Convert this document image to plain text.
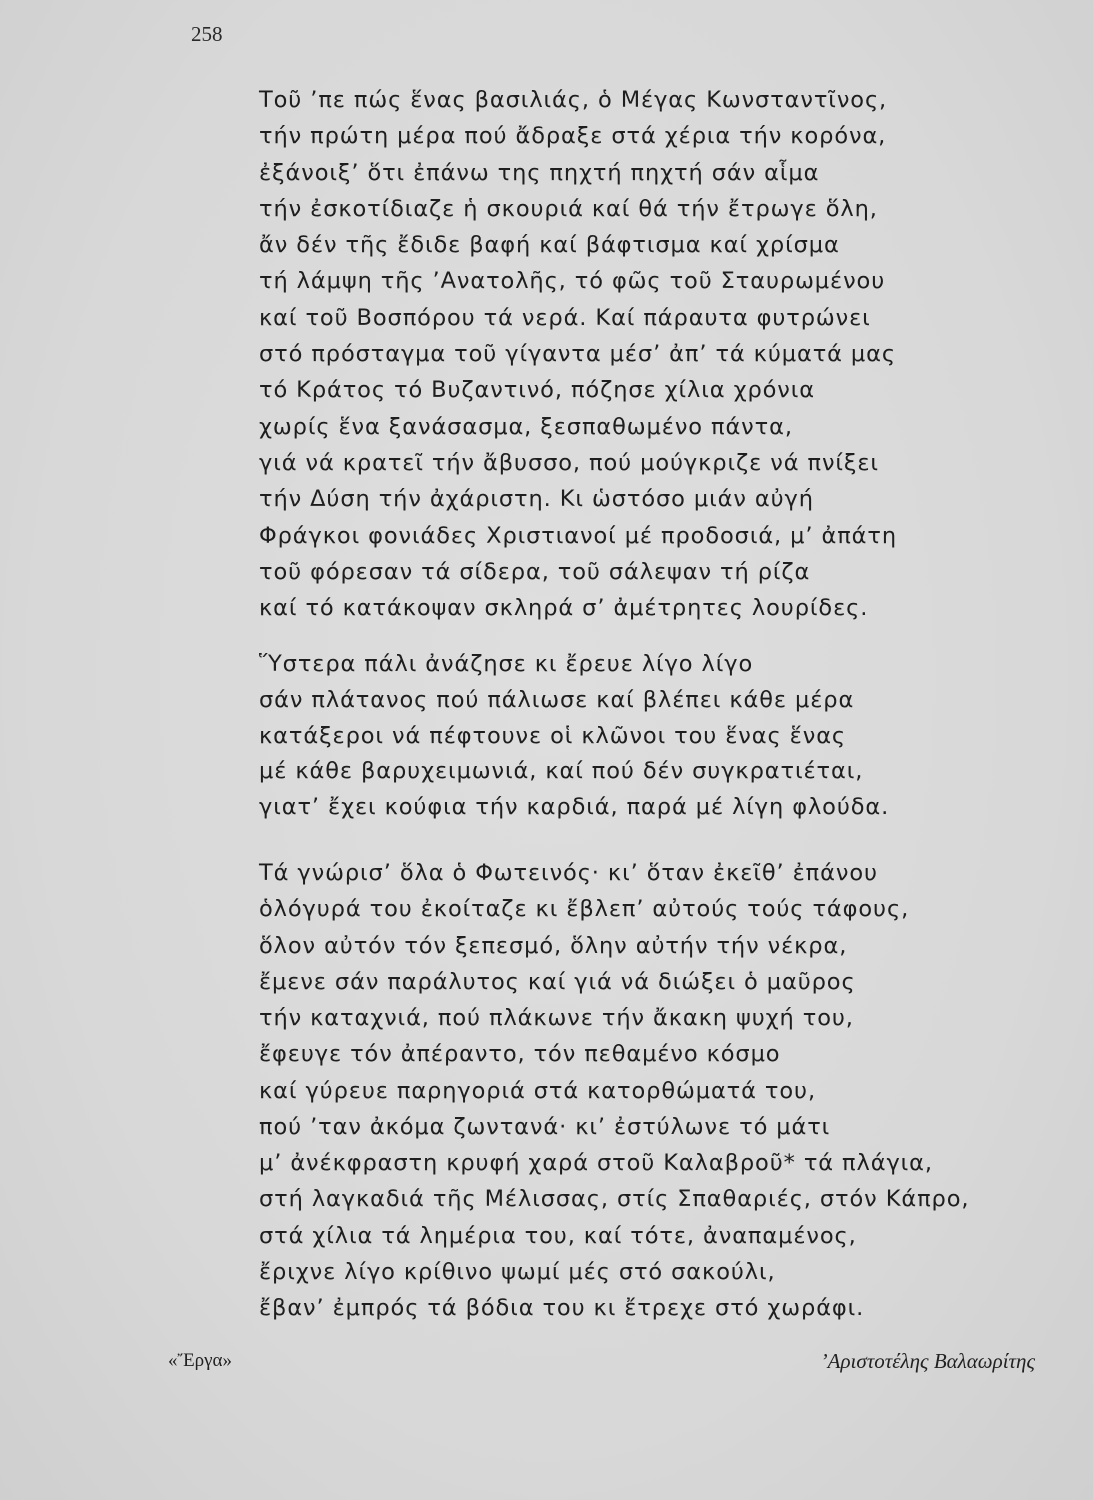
258
Τοῦ ’πε πώς ἕνας βασιλιάς, ὁ Μέγας Κωνσταντῖνος,
τήν πρώτη μέρα πού ἄδραξε στά χέρια τήν κορόνα,
ἐξάνοιξ’ ὅτι ἐπάνω της πηχτή πηχτή σάν αἷμα
τήν ἐσκοτίδιαζε ἡ σκουριά καί θά τήν ἔτρωγε ὅλη,
ἄν δέν τῆς ἔδιδε βαφή καί βάφτισμα καί χρίσμα
τή λάμψη τῆς ’Ανατολῆς, τό φῶς τοῦ Σταυρωμένου
καί τοῦ Βοσπόρου τά νερά. Καί πάραυτα φυτρώνει
στό πρόσταγμα τοῦ γίγαντα μέσ’ ἀπ’ τά κύματά μας
τό Κράτος τό Βυζαντινό, πόζησε χίλια χρόνια
χωρίς ἕνα ξανάσασμα, ξεσπαθωμένο πάντα,
γιά νά κρατεῖ τήν ἄβυσσο, πού μούγκριζε νά πνίξει
τήν Δύση τήν ἀχάριστη. Κι ὡστόσο μιάν αὐγή
Φράγκοι φονιάδες Χριστιανοί μέ προδοσιά, μ’ ἀπάτη
τοῦ φόρεσαν τά σίδερα, τοῦ σάλεψαν τή ρίζα
καί τό κατάκοψαν σκληρά σ’ ἀμέτρητες λουρίδες.
Ὕστερα πάλι ἀνάζησε κι ἔρευε λίγο λίγο
σάν πλάτανος πού πάλιωσε καί βλέπει κάθε μέρα
κατάξεροι νά πέφτουνε οἱ κλῶνοι του ἕνας ἕνας
μέ κάθε βαρυχειμωνιά, καί πού δέν συγκρατιέται,
γιατ’ ἔχει κούφια τήν καρδιά, παρά μέ λίγη φλούδα.
Τά γνώρισ’ ὅλα ὁ Φωτεινός· κι’ ὅταν ἐκεῖθ’ ἐπάνου
ὁλόγυρά του ἐκοίταζε κι ἔβλεπ’ αὐτούς τούς τάφους,
ὅλον αὐτόν τόν ξεπεσμό, ὅλην αὐτήν τήν νέκρα,
ἔμενε σάν παράλυτος καί γιά νά διώξει ὁ μαῦρος
τήν καταχνιά, πού πλάκωνε τήν ἄκακη ψυχή του,
ἔφευγε τόν ἀπέραντο, τόν πεθαμένο κόσμο
καί γύρευε παρηγοριά στά κατορθώματά του,
πού ’ταν ἀκόμα ζωντανά· κι’ ἐστύλωνε τό μάτι
μ’ ἀνέκφραστη κρυφή χαρά στοῦ Καλαβροῦ* τά πλάγια,
στή λαγκαδιά τῆς Μέλισσας, στίς Σπαθαριές, στόν Κάπρο,
στά χίλια τά λημέρια του, καί τότε, ἀναπαμένος,
ἔριχνε λίγο κρίθινο ψωμί μές στό σακούλι,
ἔβαν’ ἐμπρός τά βόδια του κι ἔτρεχε στό χωράφι.
«Ἔργα»	’Αριστοτέλης Βαλαωρίτης
